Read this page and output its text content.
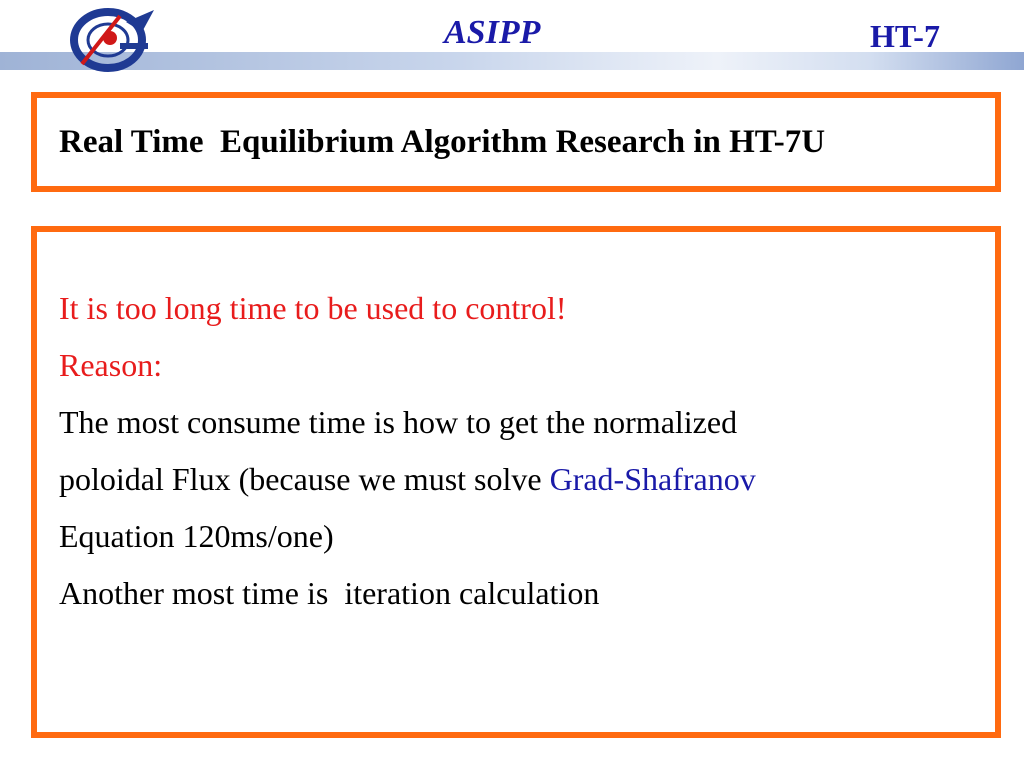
ASIPP	HT-7
Real Time  Equilibrium Algorithm Research in HT-7U
It is too long time to be used to control!
Reason:
The most consume time is how to get the normalized
poloidal Flux (because we must solve Grad-Shafranov
Equation 120ms/one)
Another most time is  iteration calculation
